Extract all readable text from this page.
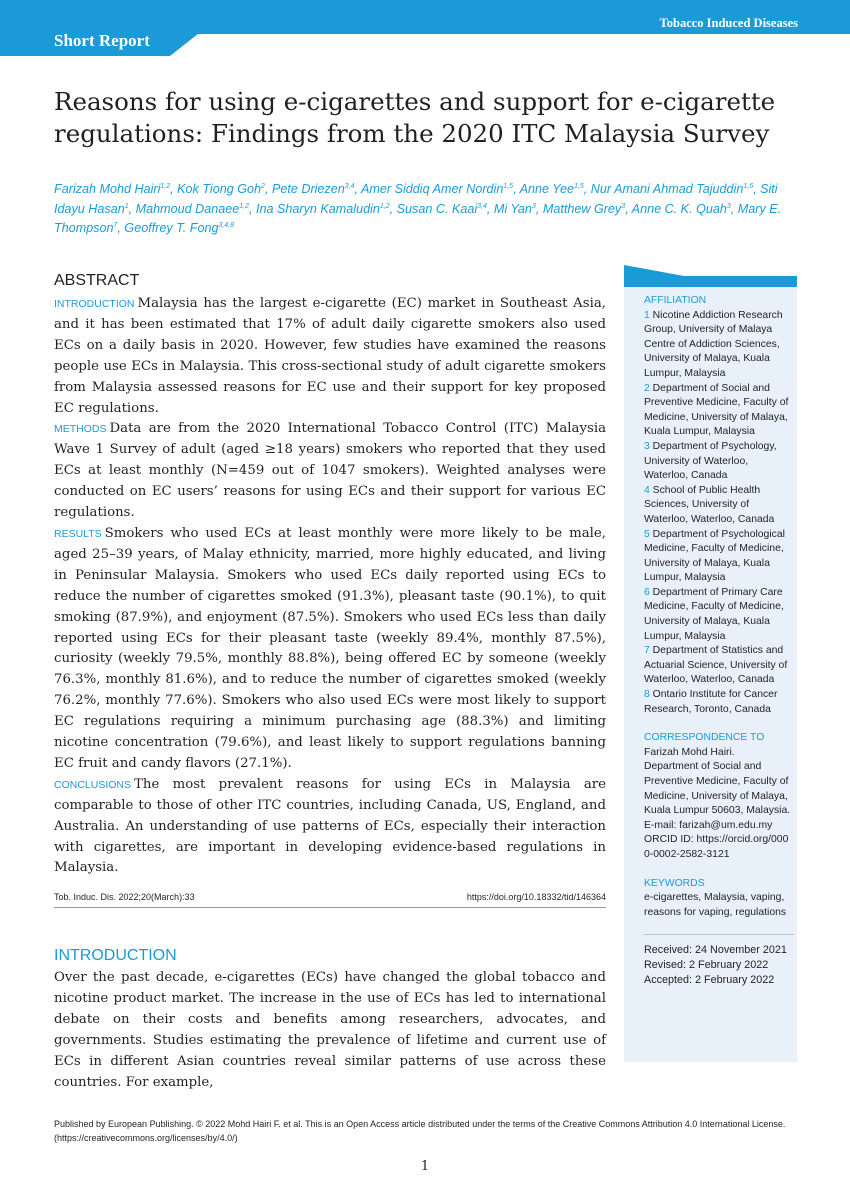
Tobacco Induced Diseases
Short Report
Reasons for using e-cigarettes and support for e-cigarette regulations: Findings from the 2020 ITC Malaysia Survey
Farizah Mohd Hairi$^{1,2}$, Kok Tiong Goh$^2$, Pete Driezen$^{3,4}$, Amer Siddiq Amer Nordin$^{1,5}$, Anne Yee$^{1,5}$, Nur Amani Ahmad Tajuddin$^{1,6}$, Siti Idayu Hasan$^1$, Mahmoud Danaee$^{1,2}$, Ina Sharyn Kamaludin$^{1,2}$, Susan C. Kaai$^{3,4}$, Mi Yan$^3$, Matthew Grey$^3$, Anne C. K. Quah$^3$, Mary E. Thompson$^7$, Geoffrey T. Fong$^{3,4,8}$
ABSTRACT

INTRODUCTION Malaysia has the largest e-cigarette (EC) market in Southeast Asia, and it has been estimated that 17% of adult daily cigarette smokers also used ECs on a daily basis in 2020. However, few studies have examined the reasons people use ECs in Malaysia. This cross-sectional study of adult cigarette smokers from Malaysia assessed reasons for EC use and their support for key proposed EC regulations.

METHODS Data are from the 2020 International Tobacco Control (ITC) Malaysia Wave 1 Survey of adult (aged ≥18 years) smokers who reported that they used ECs at least monthly (N=459 out of 1047 smokers). Weighted analyses were conducted on EC users’ reasons for using ECs and their support for various EC regulations.

RESULTS Smokers who used ECs at least monthly were more likely to be male, aged 25–39 years, of Malay ethnicity, married, more highly educated, and living in Peninsular Malaysia. Smokers who used ECs daily reported using ECs to reduce the number of cigarettes smoked (91.3%), pleasant taste (90.1%), to quit smoking (87.9%), and enjoyment (87.5%). Smokers who used ECs less than daily reported using ECs for their pleasant taste (weekly 89.4%, monthly 87.5%), curiosity (weekly 79.5%, monthly 88.8%), being offered EC by someone (weekly 76.3%, monthly 81.6%), and to reduce the number of cigarettes smoked (weekly 76.2%, monthly 77.6%). Smokers who also used ECs were most likely to support EC regulations requiring a minimum purchasing age (88.3%) and limiting nicotine concentration (79.6%), and least likely to support regulations banning EC fruit and candy flavors (27.1%).

CONCLUSIONS The most prevalent reasons for using ECs in Malaysia are comparable to those of other ITC countries, including Canada, US, England, and Australia. An understanding of use patterns of ECs, especially their interaction with cigarettes, are important in developing evidence-based regulations in Malaysia.

Tob. Induc. Dis. 2022;20(March):33	https://doi.org/10.18332/tid/146364
INTRODUCTION

Over the past decade, e-cigarettes (ECs) have changed the global tobacco and nicotine product market. The increase in the use of ECs has led to international debate on their costs and benefits among researchers, advocates, and governments. Studies estimating the prevalence of lifetime and current use of ECs in different Asian countries reveal similar patterns of use across these countries. For example,

AFFILIATION
1 Nicotine Addiction Research Group, University of Malaya Centre of Addiction Sciences, University of Malaya, Kuala Lumpur, Malaysia
2 Department of Social and Preventive Medicine, Faculty of Medicine, University of Malaya, Kuala Lumpur, Malaysia
3 Department of Psychology, University of Waterloo, Waterloo, Canada
4 School of Public Health Sciences, University of Waterloo, Waterloo, Canada
5 Department of Psychological Medicine, Faculty of Medicine, University of Malaya, Kuala Lumpur, Malaysia
6 Department of Primary Care Medicine, Faculty of Medicine, University of Malaya, Kuala Lumpur, Malaysia
7 Department of Statistics and Actuarial Science, University of Waterloo, Waterloo, Canada
8 Ontario Institute for Cancer Research, Toronto, Canada
CORRESPONDENCE TO
Farizah Mohd Hairi.
Department of Social and Preventive Medicine, Faculty of Medicine, University of Malaya, Kuala Lumpur 50603, Malaysia.
E-mail: farizah@um.edu.my
ORCID ID: https://orcid.org/0000-0002-2582-3121
KEYWORDS
e-cigarettes, Malaysia, vaping, reasons for vaping, regulations
Received: 24 November 2021
Revised: 2 February 2022
Accepted: 2 February 2022

Published by European Publishing. © 2022 Mohd Hairi F. et al. This is an Open Access article distributed under the terms of the Creative Commons Attribution 4.0 International License. (https://creativecommons.org/licenses/by/4.0/)

1
